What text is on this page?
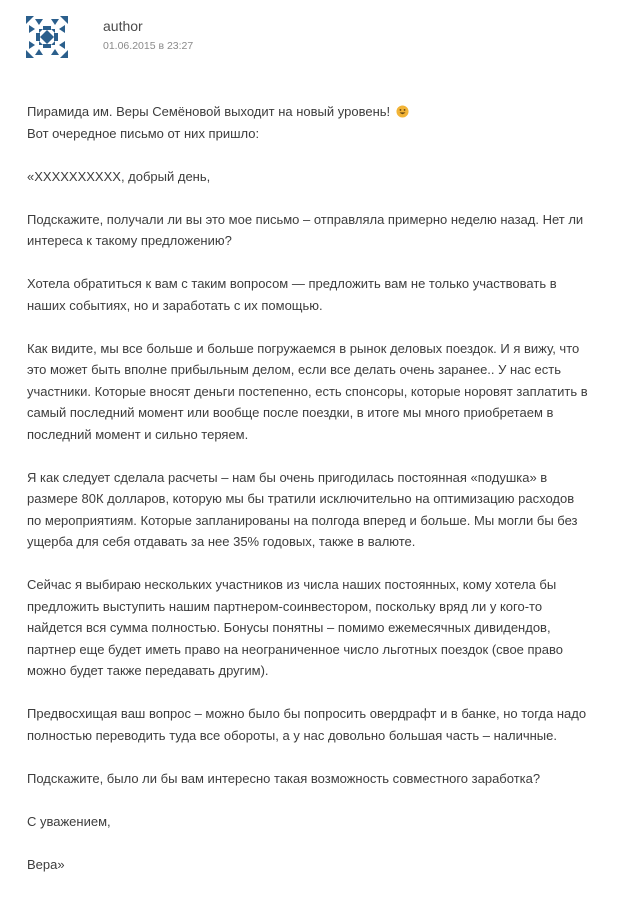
author
01.06.2015 в 23:27

Пирамида им. Веры Семёновой выходит на новый уровень!
Вот очередное письмо от них пришло:

«XXXXXXXXXX, добрый день,

Подскажите, получали ли вы это мое письмо – отправляла примерно неделю назад. Нет ли интереса к такому предложению?

Хотела обратиться к вам с таким вопросом — предложить вам не только участвовать в наших событиях, но и заработать с их помощью.

Как видите, мы все больше и больше погружаемся в рынок деловых поездок. И я вижу, что это может быть вполне прибыльным делом, если все делать очень заранее.. У нас есть участники. Которые вносят деньги постепенно, есть спонсоры, которые норовят заплатить в самый последний момент или вообще после поездки, в итоге мы много приобретаем в последний момент и сильно теряем.

Я как следует сделала расчеты – нам бы очень пригодилась постоянная «подушка» в размере 80К долларов, которую мы бы тратили исключительно на оптимизацию расходов по мероприятиям. Которые запланированы на полгода вперед и больше. Мы могли бы без ущерба для себя отдавать за нее 35% годовых, также в валюте.

Сейчас я выбираю нескольких участников из числа наших постоянных, кому хотела бы предложить выступить нашим партнером-соинвестором, поскольку вряд ли у кого-то найдется вся сумма полностью. Бонусы понятны – помимо ежемесячных дивидендов, партнер еще будет иметь право на неограниченное число льготных поездок (свое право можно будет также передавать другим).

Предвосхищая ваш вопрос – можно было бы попросить овердрафт и в банке, но тогда надо полностью переводить туда все обороты, а у нас довольно большая часть – наличные.

Подскажите, было ли бы вам интересно такая возможность совместного заработка?

С уважением,

Вера»
